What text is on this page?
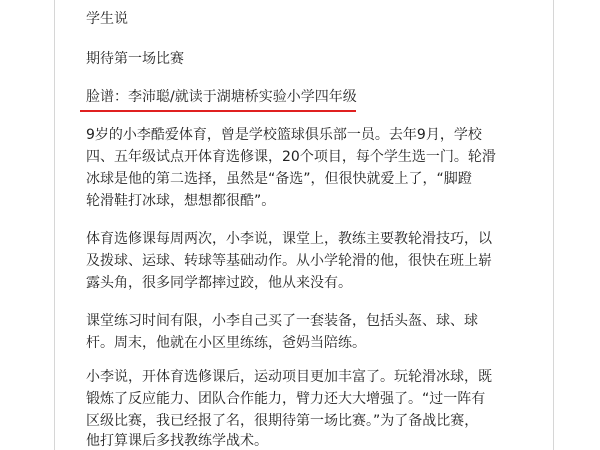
学生说
期待第一场比赛
脸谱：李沛聪/就读于湖塘桥实验小学四年级
9岁的小李酷爱体育，曾是学校篮球俱乐部一员。去年9月，学校
四、五年级试点开体育选修课，20个项目，每个学生选一门。轮滑
冰球是他的第二选择，虽然是“备选”，但很快就爱上了，“脚蹬
轮滑鞋打冰球，想想都很酷”。
体育选修课每周两次，小李说，课堂上，教练主要教轮滑技巧，以
及拨球、运球、转球等基础动作。从小学轮滑的他，很快在班上崭
露头角，很多同学都摔过跤，他从来没有。
课堂练习时间有限，小李自己买了一套装备，包括头盔、球、球
杆。周末，他就在小区里练练，爸妈当陪练。
小李说，开体育选修课后，运动项目更加丰富了。玩轮滑冰球，既
锻炼了反应能力、团队合作能力，臂力还大大增强了。“过一阵有
区级比赛，我已经报了名，很期待第一场比赛。”为了备战比赛，
他打算课后多找教练学战术。
